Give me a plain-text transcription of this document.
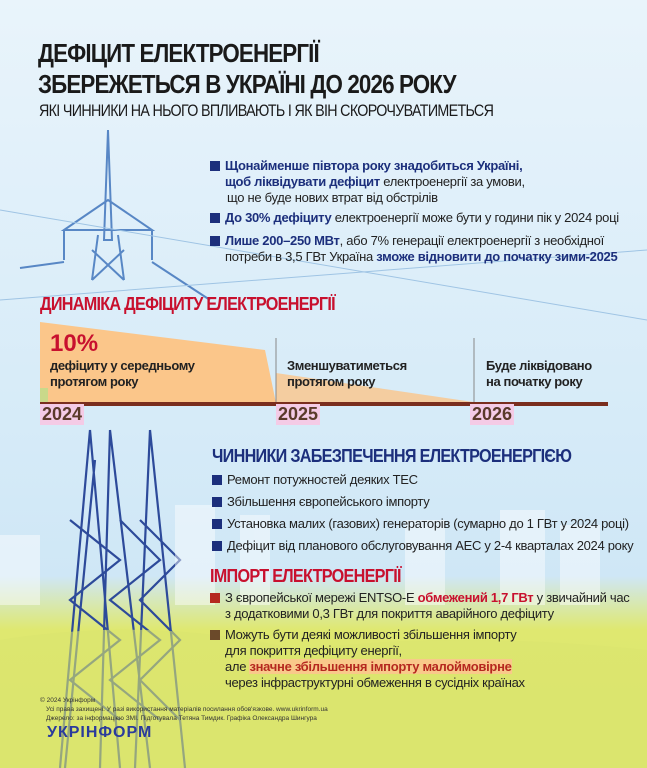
ДЕФІЦИТ ЕЛЕКТРОЕНЕРГІЇ
ЗБЕРЕЖЕТЬСЯ В УКРАЇНІ ДО 2026 РОКУ
ЯКІ ЧИННИКИ НА НЬОГО ВПЛИВАЮТЬ І ЯК ВІН СКОРОЧУВАТИМЕТЬСЯ
Щонайменше півтора року знадобиться Україні,
щоб ліквідувати дефіцит електроенергії за умови,
що не буде нових втрат від обстрілів
До 30% дефіциту електроенергії може бути у години пік у 2024 році
Лише 200–250 МВт, або 7% генерації електроенергії з необхідної
потреби в 3,5 ГВт Україна зможе відновити до початку зими-2025
ДИНАМІКА ДЕФІЦИТУ ЕЛЕКТРОЕНЕРГІЇ
10%
дефіциту у середньому
протягом року
Зменшуватиметься
протягом року
Буде ліквідовано
на початку року
2024	2025	2026
ЧИННИКИ ЗАБЕЗПЕЧЕННЯ ЕЛЕКТРОЕНЕРГІЄЮ
Ремонт потужностей деяких ТЕС
Збільшення європейського імпорту
Установка малих (газових) генераторів (сумарно до 1 ГВт у 2024 році)
Дефіцит від планового обслуговування АЕС у 2-4 кварталах 2024 року
ІМПОРТ ЕЛЕКТРОЕНЕРГІЇ
З європейської мережі ENTSO-E обмежений 1,7 ГВт у звичайний час
з додатковими 0,3 ГВт для покриття аварійного дефіциту
Можуть бути деякі можливості збільшення імпорту
для покриття дефіциту енергії,
але значне збільшення імпорту малоймовірне
через інфраструктурні обмеження в сусідніх країнах
© 2024 Укрінформ
Усі права захищені. У разі використання матеріалів посилання обов'язкове. www.ukrinform.ua
Джерело: за інформацією ЗМІ. Підготувала Тетяна Тимдик. Графіка Олександра Шингура
УКРІНФОРМ
